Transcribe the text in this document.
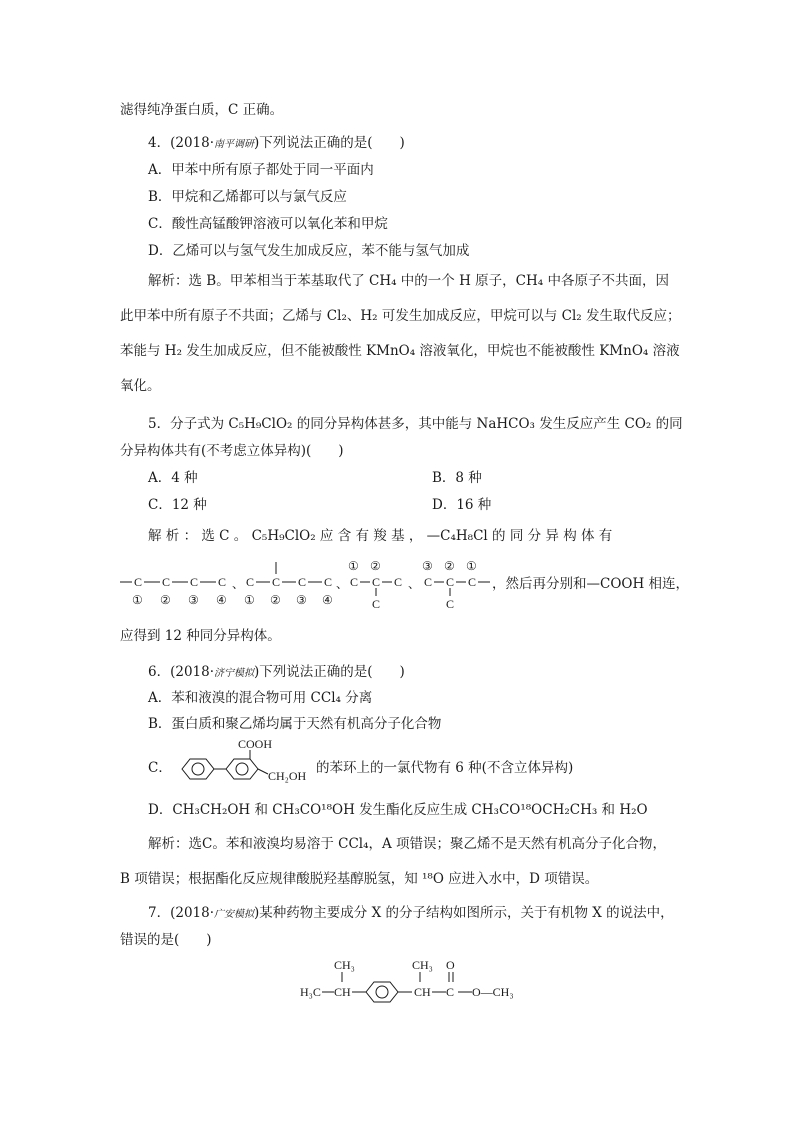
滤得纯净蛋白质，C 正确。
4．(2018·南平调研)下列说法正确的是(　　)
A．甲苯中所有原子都处于同一平面内
B．甲烷和乙烯都可以与氯气反应
C．酸性高锰酸钾溶液可以氧化苯和甲烷
D．乙烯可以与氢气发生加成反应，苯不能与氢气加成
解析：选 B。甲苯相当于苯基取代了 CH₄ 中的一个 H 原子，CH₄ 中各原子不共面，因
此甲苯中所有原子不共面；乙烯与 Cl₂、H₂ 可发生加成反应，甲烷可以与 Cl₂ 发生取代反应；
苯能与 H₂ 发生加成反应，但不能被酸性 KMnO₄ 溶液氧化，甲烷也不能被酸性 KMnO₄ 溶液
氧化。
5．分子式为 C₅H₉ClO₂ 的同分异构体甚多，其中能与 NaHCO₃ 发生反应产生 CO₂ 的同
分异构体共有(不考虑立体异构)(　　)
A．4 种	B．8 种
C．12 种	D．16 种
解 析 ： 选 C 。 C₅H₉ClO₂ 应 含 有 羧 基 ， —C₄H₈Cl 的 同 分 异 构 体 有
C C C C
① ② ③ ④
、 C C C C
① ② ③ ④
、
①
C C
②
C
C 、
③
C
②
C
C
①
C ，然后再分别和—COOH 相连，
应得到 12 种同分异构体。
6．(2018·济宁模拟)下列说法正确的是(　　)
A．苯和液溴的混合物可用 CCl₄ 分离
B．蛋白质和聚乙烯均属于天然有机高分子化合物
C．
COOH
CH₂OH 的苯环上的一氯代物有 6 种(不含立体异构)
D．CH₃CH₂OH 和 CH₃CO¹⁸OH 发生酯化反应生成 CH₃CO¹⁸OCH₂CH₃ 和 H₂O
解析：选C。苯和液溴均易溶于 CCl₄，A 项错误；聚乙烯不是天然有机高分子化合物，
B 项错误；根据酯化反应规律酸脱羟基醇脱氢，知 ¹⁸O 应进入水中，D 项错误。
7．(2018·广安模拟)某种药物主要成分 X 的分子结构如图所示，关于有机物 X 的说法中，
错误的是(　　)
CH₃
H₃C CH	CH
CH₃
C
O
O—CH₃
